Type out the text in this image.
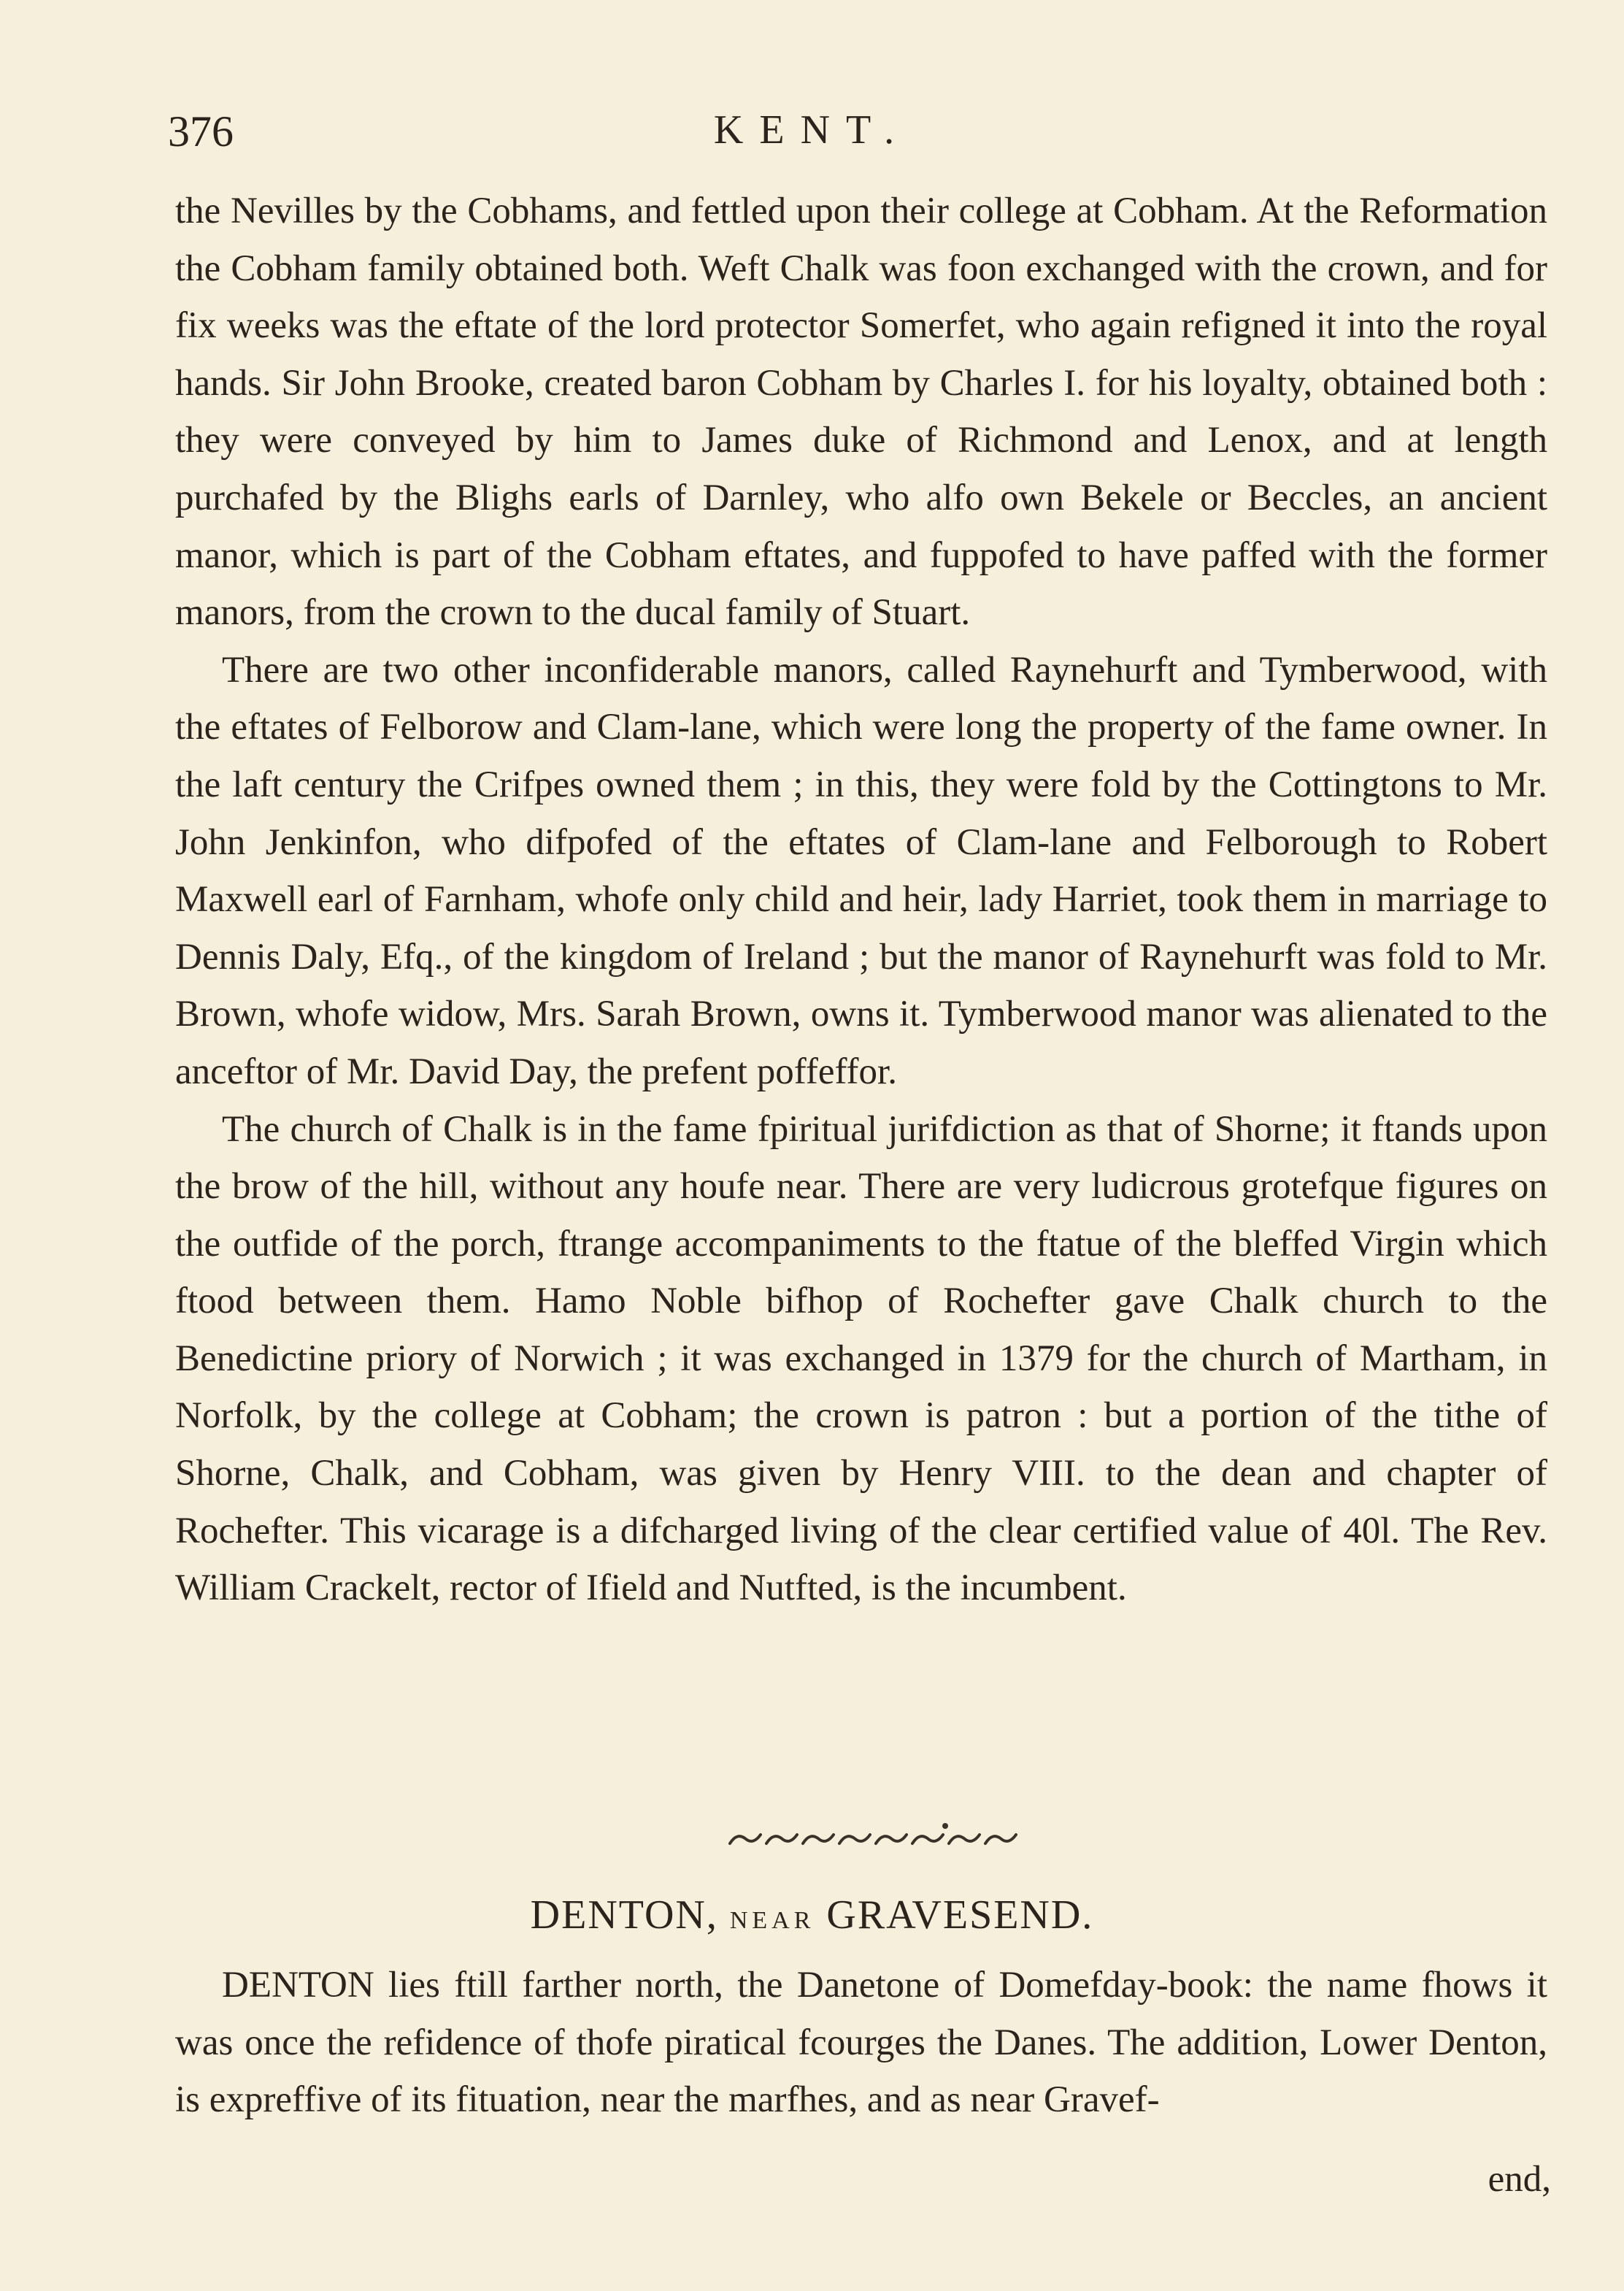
376	KENT.

the Nevilles by the Cobhams, and fettled upon their college at Cobham. At the Reformation the Cobham family obtained both. Weft Chalk was foon exchanged with the crown, and for fix weeks was the eftate of the lord protector Somerfet, who again refigned it into the royal hands. Sir John Brooke, created baron Cobham by Charles I. for his loyalty, obtained both : they were conveyed by him to James duke of Richmond and Lenox, and at length purchafed by the Blighs earls of Darnley, who alfo own Bekele or Beccles, an ancient manor, which is part of the Cobham eftates, and fuppofed to have paffed with the former manors, from the crown to the ducal family of Stuart.

There are two other inconfiderable manors, called Raynehurft and Tymberwood, with the eftates of Felborow and Clam-lane, which were long the property of the fame owner. In the laft century the Crifpes owned them ; in this, they were fold by the Cottingtons to Mr. John Jenkinfon, who difpofed of the eftates of Clam-lane and Felborough to Robert Maxwell earl of Farnham, whofe only child and heir, lady Harriet, took them in marriage to Dennis Daly, Efq., of the kingdom of Ireland ; but the manor of Raynehurft was fold to Mr. Brown, whofe widow, Mrs. Sarah Brown, owns it. Tymberwood manor was alienated to the anceftor of Mr. David Day, the prefent poffeffor.

The church of Chalk is in the fame fpiritual jurifdiction as that of Shorne; it ftands upon the brow of the hill, without any houfe near. There are very ludicrous grotefque figures on the outfide of the porch, ftrange accompaniments to the ftatue of the bleffed Virgin which ftood between them. Hamo Noble bifhop of Rochefter gave Chalk church to the Benedictine priory of Norwich ; it was exchanged in 1379 for the church of Martham, in Norfolk, by the college at Cobham; the crown is patron : but a portion of the tithe of Shorne, Chalk, and Cobham, was given by Henry VIII. to the dean and chapter of Rochefter. This vicarage is a difcharged living of the clear certified value of 40l. The Rev. William Crackelt, rector of Ifield and Nutfted, is the incumbent.

DENTON, NEAR GRAVESEND.

DENTON lies ftill farther north, the Danetone of Domefday-book: the name fhows it was once the refidence of thofe piratical fcourges the Danes. The addition, Lower Denton, is expreffive of its fituation, near the marfhes, and as near Gravef-

end,
